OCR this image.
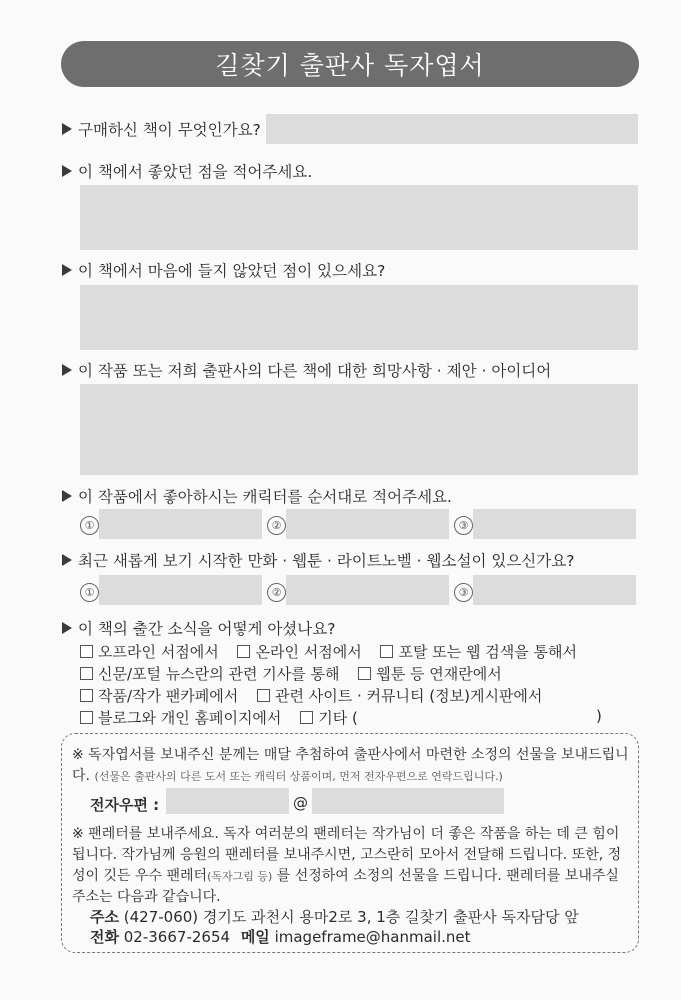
길찾기 출판사 독자엽서
구매하신 책이 무엇인가요?
이 책에서 좋았던 점을 적어주세요.
이 책에서 마음에 들지 않았던 점이 있으세요?
이 작품 또는 저희 출판사의 다른 책에 대한 희망사항 · 제안 · 아이디어
이 작품에서 좋아하시는 캐릭터를 순서대로 적어주세요.
①	②	③
최근 새롭게 보기 시작한 만화 · 웹툰 · 라이트노벨 · 웹소설이 있으신가요?
①	②	③
이 책의 출간 소식을 어떻게 아셨나요?
오프라인 서점에서 온라인 서점에서 포탈 또는 웹 검색을 통해서
신문/포털 뉴스란의 관련 기사를 통해 웹툰 등 연재란에서
작품/작가 팬카페에서 관련 사이트 · 커뮤니티 (정보)게시판에서
블로그와 개인 홈페이지에서 기타 (	)
※ 독자엽서를 보내주신 분께는 매달 추첨하여 출판사에서 마련한 소정의 선물을 보내드립니다. (선물은 출판사의 다른 도서 또는 캐릭터 상품이며, 먼저 전자우편으로 연락드립니다.)
전자우편 :	@
※ 팬레터를 보내주세요. 독자 여러분의 팬레터는 작가님이 더 좋은 작품을 하는 데 큰 힘이 됩니다. 작가님께 응원의 팬레터를 보내주시면, 고스란히 모아서 전달해 드립니다. 또한, 정성이 깃든 우수 팬레터(독자그림 등) 를 선정하여 소정의 선물을 드립니다. 팬레터를 보내주실 주소는 다음과 같습니다.
주소 (427-060) 경기도 과천시 용마2로 3, 1층 길찾기 출판사 독자담당 앞
전화 02-3667-2654 메일 imageframe@hanmail.net
